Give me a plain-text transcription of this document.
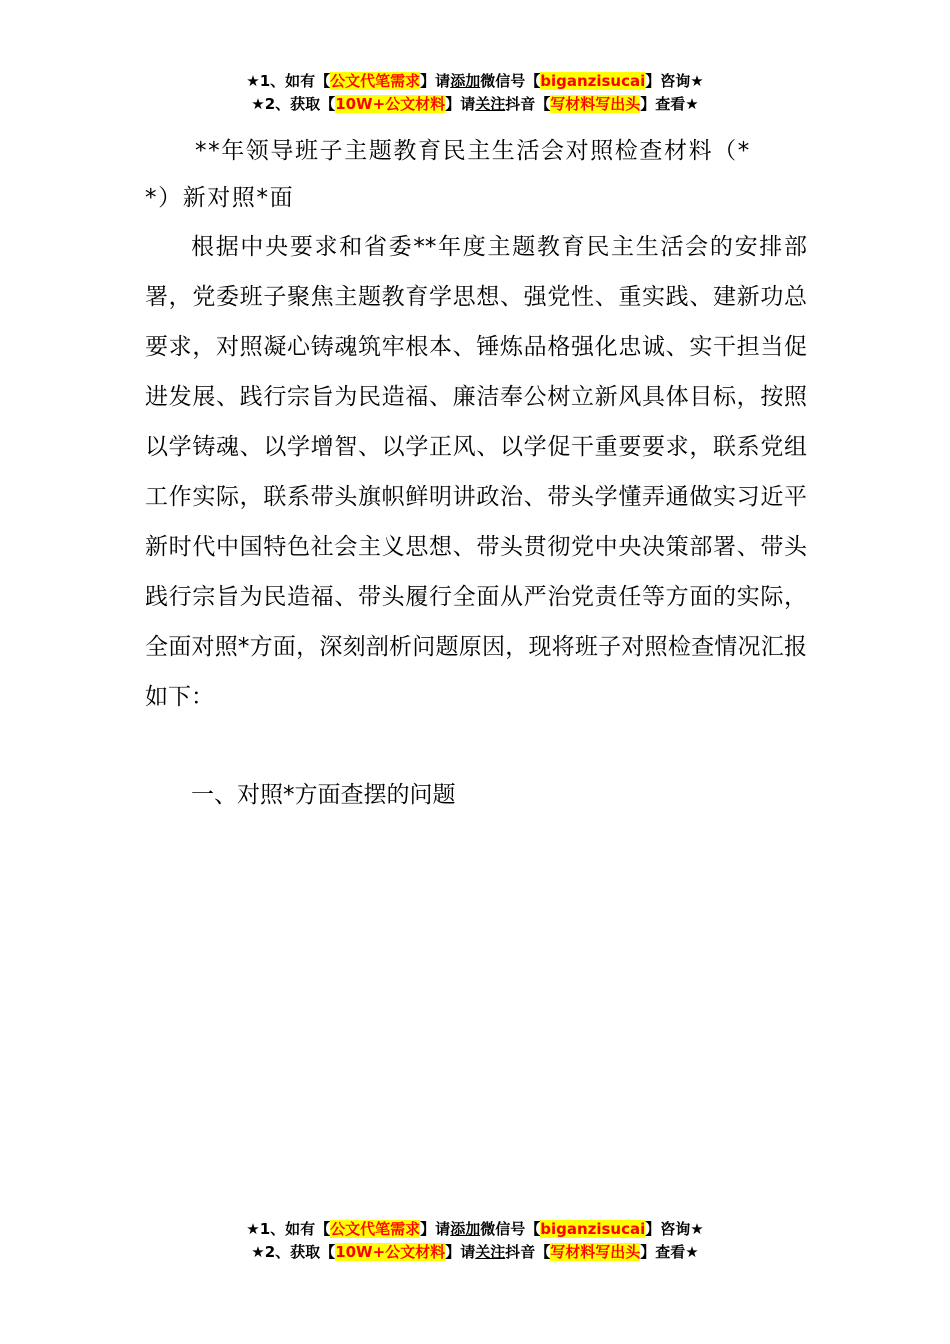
★1、如有【公文代笔需求】请添加微信号【biganzisucai】咨询★
★2、获取【10W+公文材料】请关注抖音【写材料写出头】查看★
**年领导班子主题教育民主生活会对照检查材料（*
*）新对照*面

根据中央要求和省委**年度主题教育民主生活会的安排部署，党委班子聚焦主题教育学思想、强党性、重实践、建新功总要求，对照凝心铸魂筑牢根本、锤炼品格强化忠诚、实干担当促进发展、践行宗旨为民造福、廉洁奉公树立新风具体目标，按照以学铸魂、以学增智、以学正风、以学促干重要要求，联系党组工作实际，联系带头旗帜鲜明讲政治、带头学懂弄通做实习近平新时代中国特色社会主义思想、带头贯彻党中央决策部署、带头践行宗旨为民造福、带头履行全面从严治党责任等方面的实际，全面对照*方面，深刻剖析问题原因，现将班子对照检查情况汇报如下：

一、对照*方面查摆的问题
★1、如有【公文代笔需求】请添加微信号【biganzisucai】咨询★
★2、获取【10W+公文材料】请关注抖音【写材料写出头】查看★
